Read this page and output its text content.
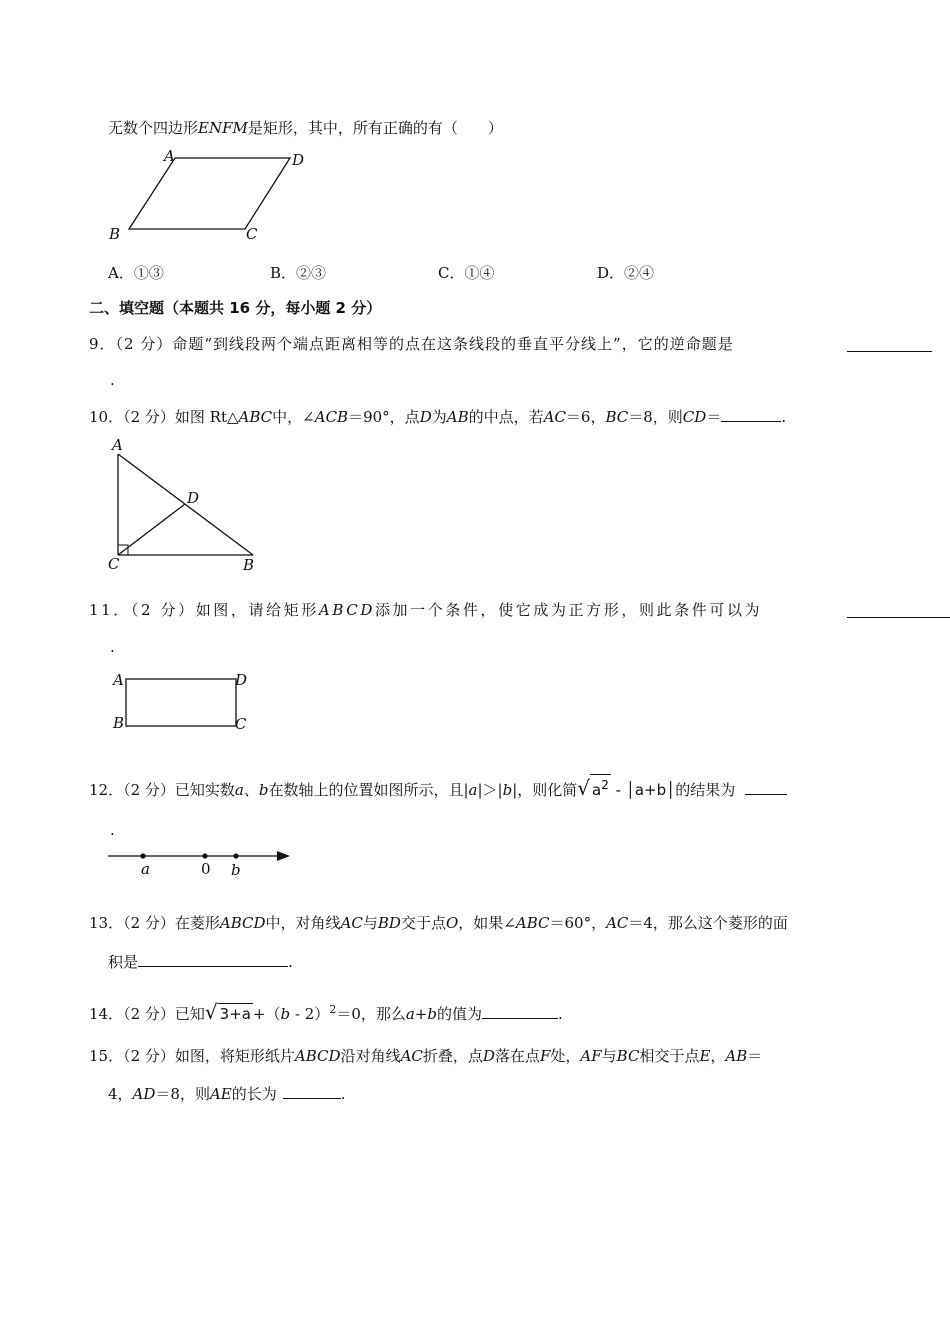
无数个四边形ENFM是矩形，其中，所有正确的有（　　）
A	D
B	C
A．①③	B．②③	C．①④	D．②④
二、填空题（本题共 16 分，每小题 2 分）
9．（2 分）命题“到线段两个端点距离相等的点在这条线段的垂直平分线上”，它的逆命题是
.
10．（2 分）如图 Rt△ABC中，∠ACB＝90°，点D为AB的中点，若AC＝6，BC＝8，则CD＝	.
A
D
C	B
11．（2 分）如图，请给矩形ABCD添加一个条件，使它成为正方形，则此条件可以为
.
A	D
B	C
12．（2 分）已知实数a、b在数轴上的位置如图所示，且|a|＞|b|，则化简√ $a^2$ - │a+b│的结果为
.
a	0 b
13．（2 分）在菱形ABCD中，对角线AC与BD交于点O，如果∠ABC＝60°，AC＝4，那么这个菱形的面
积是	.
14．（2 分）已知√ 3+a +（b - 2）$^2$＝0，那么a+b的值为	.
15．（2 分）如图，将矩形纸片ABCD沿对角线AC折叠，点D落在点F处，AF与BC相交于点E，AB＝
4，AD＝8，则AE的长为	.
